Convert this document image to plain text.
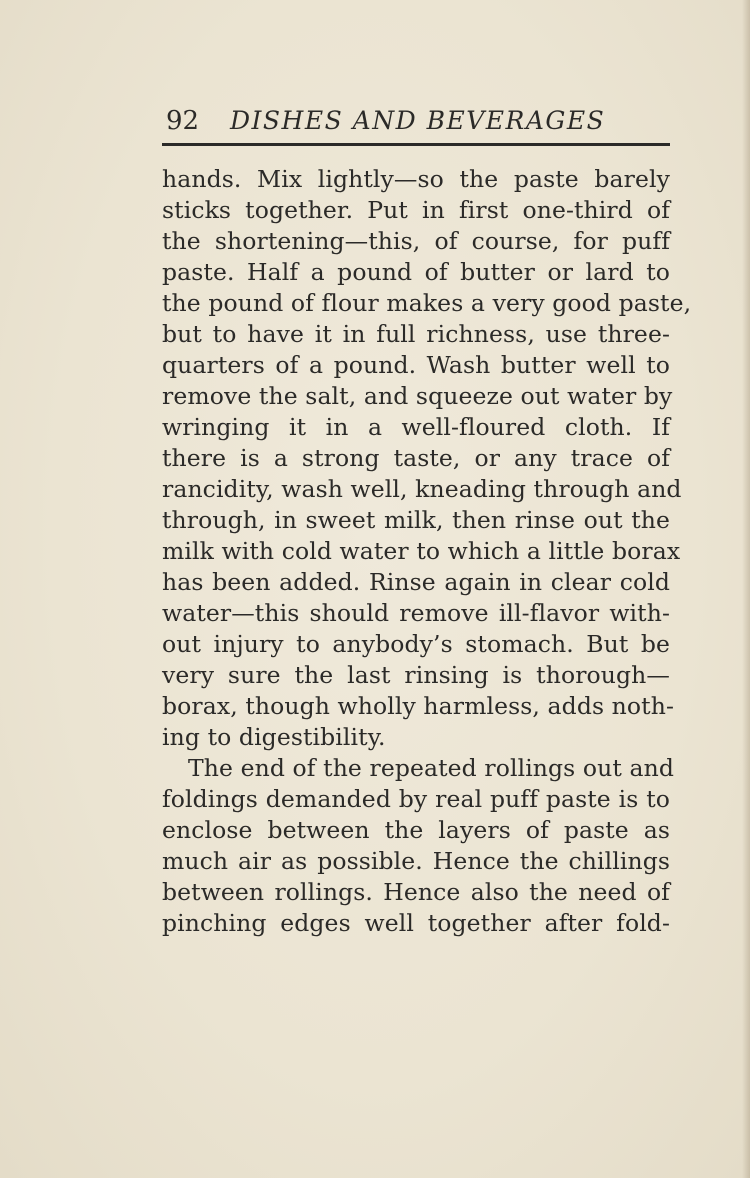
92 DISHES AND BEVERAGES
hands. Mix lightly—so the paste barely
sticks together. Put in first one-third of
the shortening—this, of course, for puff
paste. Half a pound of butter or lard to
the pound of flour makes a very good paste,
but to have it in full richness, use three-
quarters of a pound. Wash butter well to
remove the salt, and squeeze out water by
wringing it in a well-floured cloth. If
there is a strong taste, or any trace of
rancidity, wash well, kneading through and
through, in sweet milk, then rinse out the
milk with cold water to which a little borax
has been added. Rinse again in clear cold
water—this should remove ill-flavor with-
out injury to anybody’s stomach. But be
very sure the last rinsing is thorough—
borax, though wholly harmless, adds noth-
ing to digestibility.
The end of the repeated rollings out and
foldings demanded by real puff paste is to
enclose between the layers of paste as
much air as possible. Hence the chillings
between rollings. Hence also the need of
pinching edges well together after fold-
